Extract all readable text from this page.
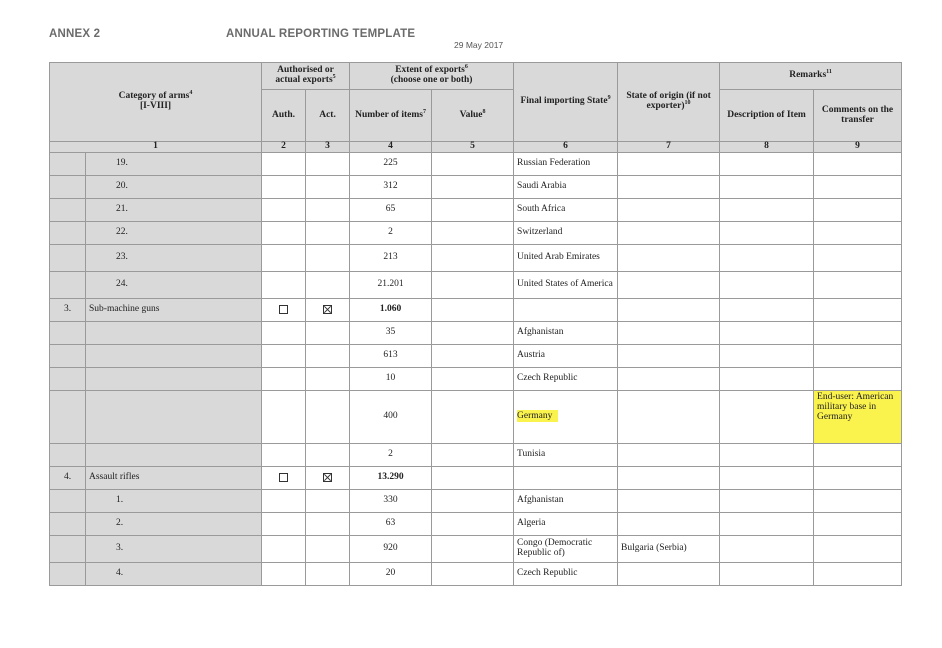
ANNEX 2	ANNUAL REPORTING TEMPLATE
29 May 2017
Category of arms$^4$
[I-VIII]		Authorised or actual exports$^5$		Extent of exports$^6$
(choose one or both)		Final importing State$^9$	State of origin (if not exporter)$^{10}$	Remarks$^{11}$
		Auth.	Act.	Number of items$^7$	Value$^8$			Description of Item	Comments on the transfer
1		2	3	4	5	6	7	8	9
	19.			225		Russian Federation			
	20.			312		Saudi Arabia			
	21.			65		South Africa			
	22.			2		Switzerland			
	23.			213		United Arab Emirates			
	24.			21.201		United States of America			
3.	Sub-machine guns			1.060					
				35		Afghanistan			
				613		Austria			
				10		Czech Republic			
				400		Germany			End-user: American military base in Germany
				2		Tunisia			
4.	Assault rifles			13.290					
	1.			330		Afghanistan			
	2.			63		Algeria			
	3.			920		Congo (Democratic Republic of)	Bulgaria (Serbia)		
	4.			20		Czech Republic			
